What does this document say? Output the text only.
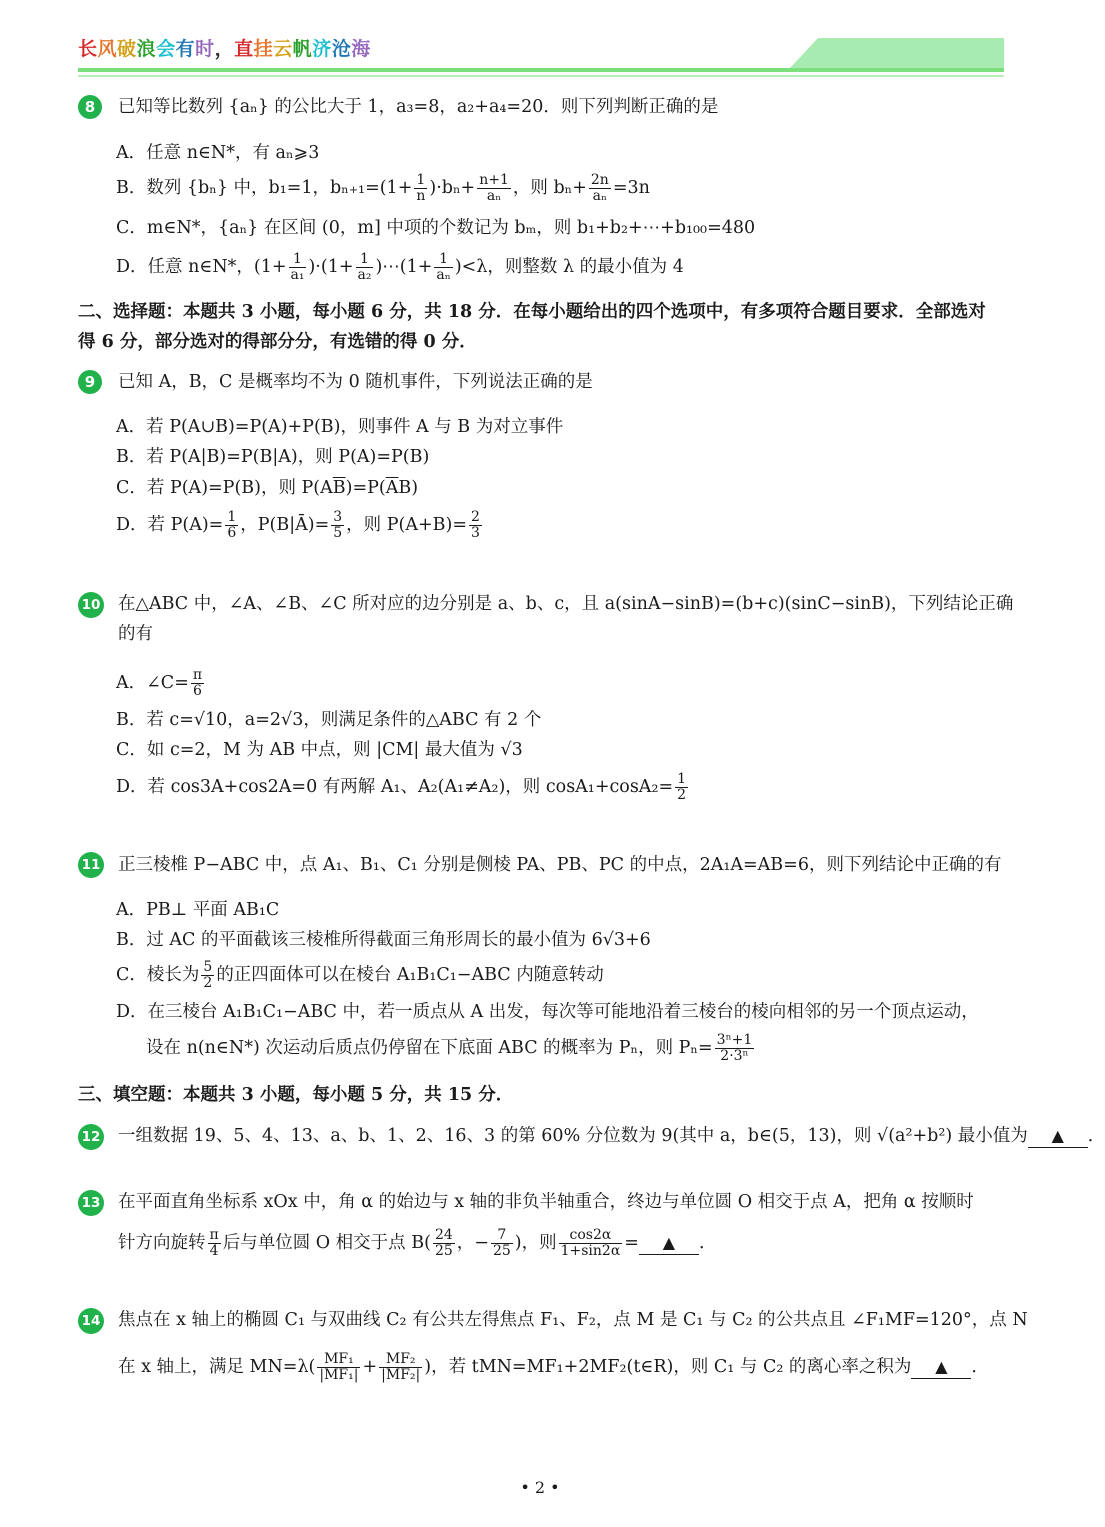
长风破浪会有时，直挂云帆济沧海
8	已知等比数列 {aₙ} 的公比大于 1，a₃=8，a₂+a₄=20．则下列判断正确的是
A．任意 n∈N*，有 aₙ⩾3
B．数列 {bₙ} 中，b₁=1，$b_{n+1}=(1+ \frac{1}{n} )\cdot b_n+ \frac{n+1}{\text{aₙ}}$ ，则 $b_n+ \frac{2n}{\text{aₙ}} =3n$
C．m∈N*，{aₙ} 在区间 (0，m] 中项的个数记为 bₘ，则 b₁+b₂+⋯+b₁₀₀=480
D．任意 n∈N*，$(1+ \frac{1}{\text{a₁}} )\cdot(1+ \frac{1}{\text{a₂}}$ )⋯(1+ $\frac{1}{\text{aₙ}} )<\lambda$，则整数 λ 的最小值为 4
二、选择题：本题共 3 小题，每小题 6 分，共 18 分．在每小题给出的四个选项中，有多项符合题目要求．全部选对
得 6 分，部分选对的得部分分，有选错的得 0 分．
9	已知 A，B，C 是概率均不为 0 随机事件，下列说法正确的是
A．若 P(A∪B)=P(A)+P(B)，则事件 A 与 B 为对立事件
B．若 P(A|B)=P(B|A)，则 P(A)=P(B)
C．若 P(A)=P(B)，则 $P(A\overline{B})=P(\overline{A}B)$
D．若 $P(A)= \frac{1}{6}$ ，P(B|Ā)= $\frac{3}{5}$ ，则 $P(A+B)= \frac{2}{3}$
10 在△ABC 中，∠A、∠B、∠C 所对应的边分别是 a、b、c，且 a(sinA−sinB)=(b+c)(sinC−sinB)，下列结论正确
的有
A．∠C= $\frac{\pi}{6}$
B．若 c=√10，a=2√3，则满足条件的△ABC 有 2 个
C．如 c=2，M 为 AB 中点，则 |CM| 最大值为 √3
D．若 cos3A+cos2A=0 有两解 A₁、A₂(A₁≠A₂)，则 $\cos A_1+\cos A_2= \frac{1}{2}$
11 正三棱椎 P−ABC 中，点 A₁、B₁、C₁ 分别是侧棱 PA、PB、PC 的中点，2A₁A=AB=6，则下列结论中正确的有
A．PB⊥ 平面 AB₁C
B．过 AC 的平面截该三棱椎所得截面三角形周长的最小值为 6√3+6
C．棱长为 $\frac{5}{2}$ 的正四面体可以在棱台 A₁B₁C₁−ABC 内随意转动
D．在三棱台 A₁B₁C₁−ABC 中，若一质点从 A 出发，每次等可能地沿着三棱台的棱向相邻的另一个顶点运动，
设在 n(n∈N*) 次运动后质点仍停留在下底面 ABC 的概率为 Pₙ，则 $P_n= \frac{\text{3ⁿ+1}}{\text{2·3ⁿ}}$
三、填空题：本题共 3 小题，每小题 5 分，共 15 分．
12 一组数据 19、5、4、13、a、b、1、2、16、3 的第 60% 分位数为 9(其中 a，b∈(5，13)，则 √(a²+b²) 最小值为 ▲ ．
13 在平面直角坐标系 xOx 中，角 α 的始边与 x 轴的非负半轴重合，终边与单位圆 O 相交于点 A，把角 α 按顺时
针方向旋转 $\frac{\pi}{4}$ 后与单位圆 O 相交于点 $B( \frac{24}{25}$ ，− $\frac{7}{25}$ )，则 $\frac{\cos 2\alpha}{1+\sin 2\alpha}$ = ▲ ．
14 焦点在 x 轴上的椭圆 C₁ 与双曲线 C₂ 有公共左得焦点 F₁、F₂，点 M 是 C₁ 与 C₂ 的公共点且 ∠F₁MF=120°，点 N
在 x 轴上，满足 $MN=\lambda( \frac{\text{MF₁}}{\text{|MF₁|}} + \frac{\text{MF₂}}{\text{|MF₂|}}$ )，若 tMN=MF₁+2MF₂(t∈R)，则 C₁ 与 C₂ 的离心率之积为 ▲ ．
• 2 •
